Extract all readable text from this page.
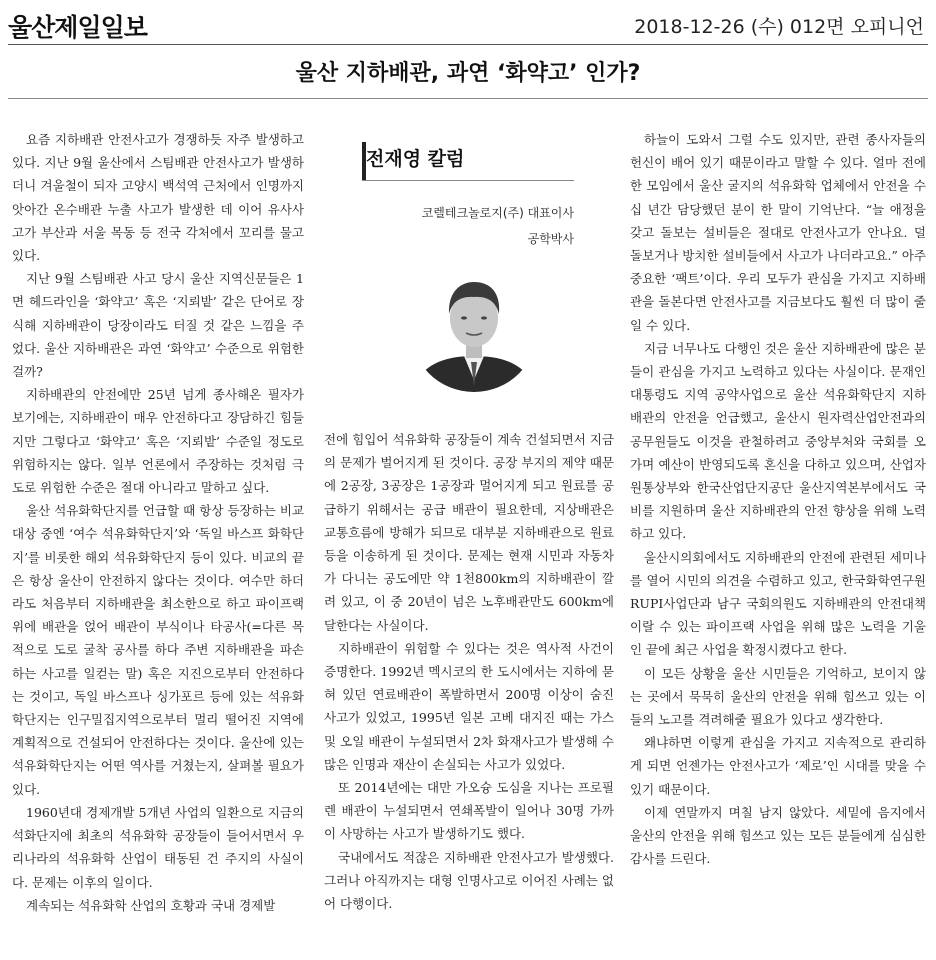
울산제일일보	2018-12-26 (수) 012면 오피니언
울산 지하배관, 과연 ‘화약고’ 인가?

요즘 지하배관 안전사고가 경쟁하듯 자주 발생하고 있다. 지난 9월 울산에서 스팀배관 안전사고가 발생하더니 겨울철이 되자 고양시 백석역 근처에서 인명까지 앗아간 온수배관 누출 사고가 발생한 데 이어 유사사고가 부산과 서울 목동 등 전국 각처에서 꼬리를 물고 있다.

지난 9월 스팀배관 사고 당시 울산 지역신문들은 1면 헤드라인을 ‘화약고’ 혹은 ‘지뢰밭’ 같은 단어로 장식해 지하배관이 당장이라도 터질 것 같은 느낌을 주었다. 울산 지하배관은 과연 ‘화약고’ 수준으로 위험한 걸까?

지하배관의 안전에만 25년 넘게 종사해온 필자가 보기에는, 지하배관이 매우 안전하다고 장담하긴 힘들지만 그렇다고 ‘화약고’ 혹은 ‘지뢰밭’ 수준일 정도로 위험하지는 않다. 일부 언론에서 주장하는 것처럼 극도로 위험한 수준은 절대 아니라고 말하고 싶다.

울산 석유화학단지를 언급할 때 항상 등장하는 비교대상 중엔 ‘여수 석유화학단지’와 ‘독일 바스프 화학단지’를 비롯한 해외 석유화학단지 등이 있다. 비교의 끝은 항상 울산이 안전하지 않다는 것이다. 여수만 하더라도 처음부터 지하배관을 최소한으로 하고 파이프랙 위에 배관을 얹어 배관이 부식이나 타공사(=다른 목적으로 도로 굴착 공사를 하다 주변 지하배관을 파손하는 사고를 일컫는 말) 혹은 지진으로부터 안전하다는 것이고, 독일 바스프나 싱가포르 등에 있는 석유화학단지는 인구밀집지역으로부터 멀리 떨어진 지역에 계획적으로 건설되어 안전하다는 것이다. 울산에 있는 석유화학단지는 어떤 역사를 거쳤는지, 살펴볼 필요가 있다.

1960년대 경제개발 5개년 사업의 일환으로 지금의 석화단지에 최초의 석유화학 공장들이 들어서면서 우리나라의 석유화학 산업이 태동된 건 주지의 사실이다. 문제는 이후의 일이다.

계속되는 석유화학 산업의 호황과 국내 경제발

전재영 칼럼
코렐테크놀로지(주) 대표이사
공학박사

전에 힘입어 석유화학 공장들이 계속 건설되면서 지금의 문제가 벌어지게 된 것이다. 공장 부지의 제약 때문에 2공장, 3공장은 1공장과 멀어지게 되고 원료를 공급하기 위해서는 공급 배관이 필요한데, 지상배관은 교통흐름에 방해가 되므로 대부분 지하배관으로 원료 등을 이송하게 된 것이다. 문제는 현재 시민과 자동차가 다니는 공도에만 약 1천800km의 지하배관이 깔려 있고, 이 중 20년이 넘은 노후배관만도 600km에 달한다는 사실이다.

지하배관이 위험할 수 있다는 것은 역사적 사건이 증명한다. 1992년 멕시코의 한 도시에서는 지하에 묻혀 있던 연료배관이 폭발하면서 200명 이상이 숨진 사고가 있었고, 1995년 일본 고베 대지진 때는 가스 및 오일 배관이 누설되면서 2차 화재사고가 발생해 수많은 인명과 재산이 손실되는 사고가 있었다.

또 2014년에는 대만 가오슝 도심을 지나는 프로필렌 배관이 누설되면서 연쇄폭발이 일어나 30명 가까이 사망하는 사고가 발생하기도 했다.

국내에서도 적잖은 지하배관 안전사고가 발생했다. 그러나 아직까지는 대형 인명사고로 이어진 사례는 없어 다행이다.

하늘이 도와서 그럴 수도 있지만, 관련 종사자들의 헌신이 배어 있기 때문이라고 말할 수 있다. 얼마 전에 한 모임에서 울산 굴지의 석유화학 업체에서 안전을 수십 년간 담당했던 분이 한 말이 기억난다. “늘 애정을 갖고 돌보는 설비들은 절대로 안전사고가 안나요. 덜 돌보거나 방치한 설비들에서 사고가 나더라고요.” 아주 중요한 ‘팩트’이다. 우리 모두가 관심을 가지고 지하배관을 돌본다면 안전사고를 지금보다도 훨씬 더 많이 줄일 수 있다.

지금 너무나도 다행인 것은 울산 지하배관에 많은 분들이 관심을 가지고 노력하고 있다는 사실이다. 문재인 대통령도 지역 공약사업으로 울산 석유화학단지 지하배관의 안전을 언급했고, 울산시 원자력산업안전과의 공무원들도 이것을 관철하려고 중앙부처와 국회를 오가며 예산이 반영되도록 혼신을 다하고 있으며, 산업자원통상부와 한국산업단지공단 울산지역본부에서도 국비를 지원하며 울산 지하배관의 안전 향상을 위해 노력하고 있다.

울산시의회에서도 지하배관의 안전에 관련된 세미나를 열어 시민의 의견을 수렴하고 있고, 한국화학연구원 RUPI사업단과 남구 국회의원도 지하배관의 안전대책이랄 수 있는 파이프랙 사업을 위해 많은 노력을 기울인 끝에 최근 사업을 확정시켰다고 한다.

이 모든 상황을 울산 시민들은 기억하고, 보이지 않는 곳에서 묵묵히 울산의 안전을 위해 힘쓰고 있는 이들의 노고를 격려해줄 필요가 있다고 생각한다.

왜냐하면 이렇게 관심을 가지고 지속적으로 관리하게 되면 언젠가는 안전사고가 ‘제로’인 시대를 맞을 수 있기 때문이다.

이제 연말까지 며칠 남지 않았다. 세밑에 음지에서 울산의 안전을 위해 힘쓰고 있는 모든 분들에게 심심한 감사를 드린다.
